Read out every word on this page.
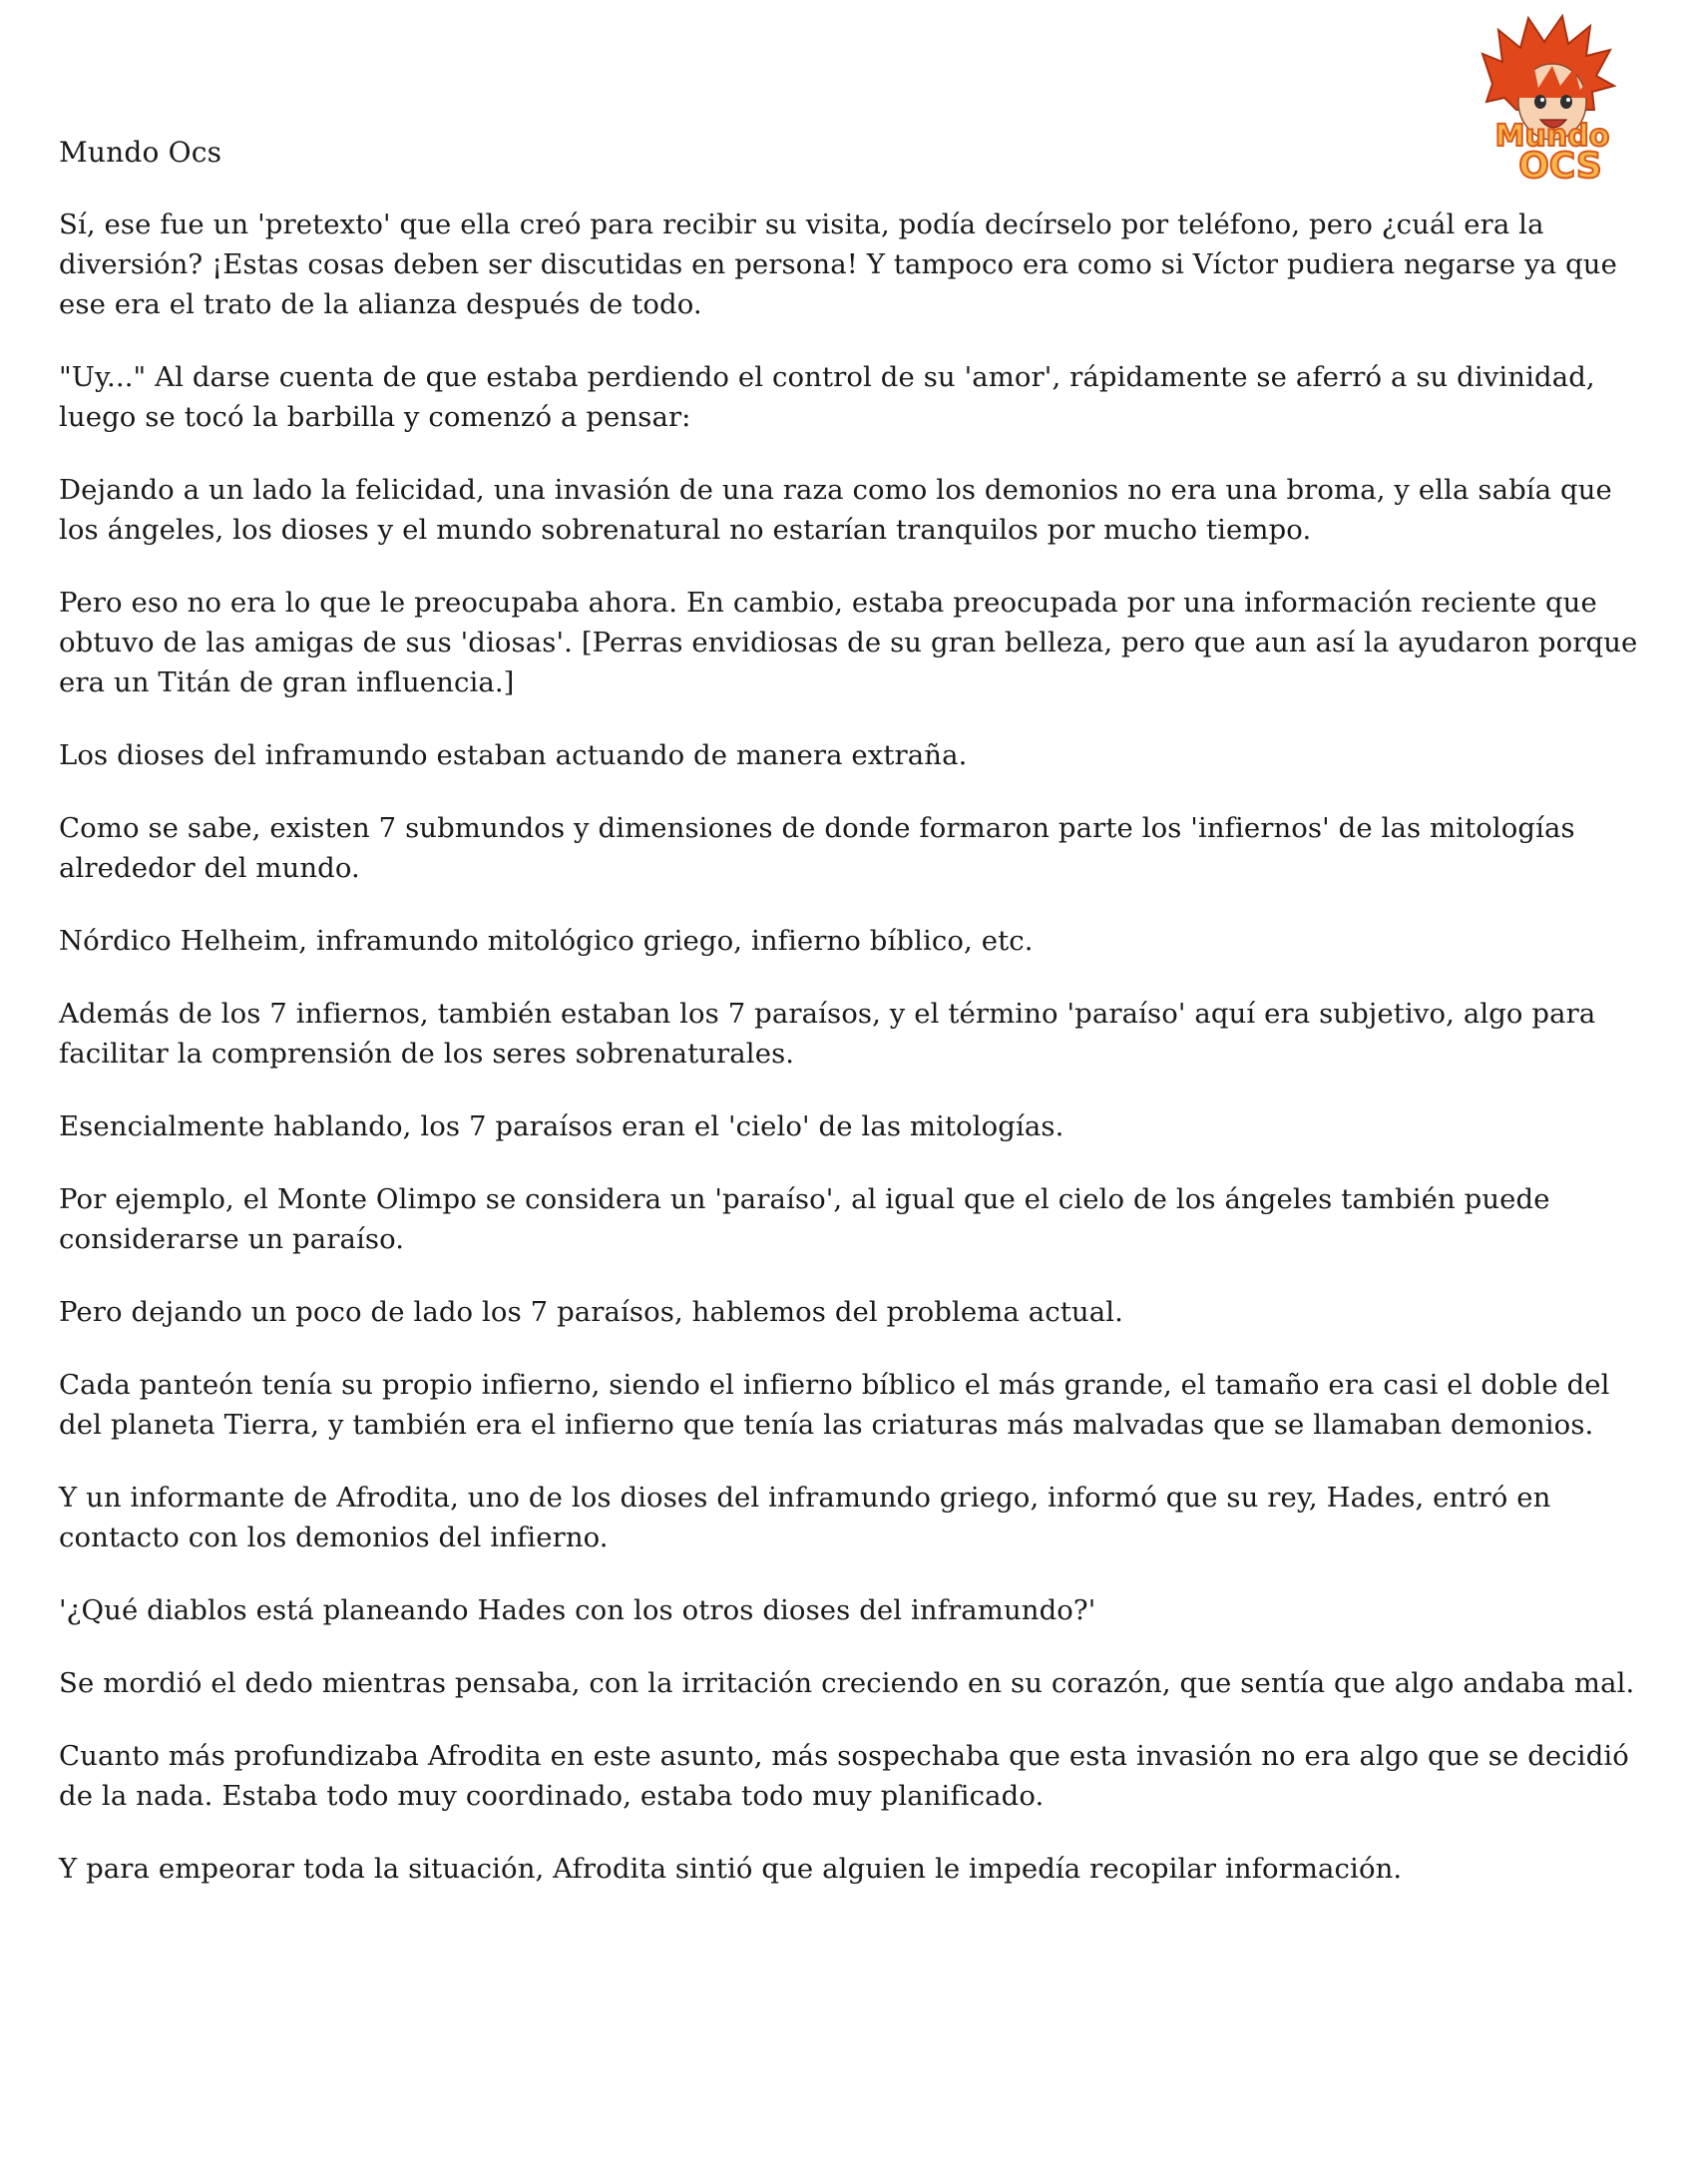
Mundo
OCS
Mundo Ocs

Sí, ese fue un 'pretexto' que ella creó para recibir su visita, podía decírselo por teléfono, pero ¿cuál era la diversión? ¡Estas cosas deben ser discutidas en persona! Y tampoco era como si Víctor pudiera negarse ya que ese era el trato de la alianza después de todo.

"Uy..." Al darse cuenta de que estaba perdiendo el control de su 'amor', rápidamente se aferró a su divinidad, luego se tocó la barbilla y comenzó a pensar:

Dejando a un lado la felicidad, una invasión de una raza como los demonios no era una broma, y ella sabía que los ángeles, los dioses y el mundo sobrenatural no estarían tranquilos por mucho tiempo.

Pero eso no era lo que le preocupaba ahora. En cambio, estaba preocupada por una información reciente que obtuvo de las amigas de sus 'diosas'. [Perras envidiosas de su gran belleza, pero que aun así la ayudaron porque era un Titán de gran influencia.]

Los dioses del inframundo estaban actuando de manera extraña.

Como se sabe, existen 7 submundos y dimensiones de donde formaron parte los 'infiernos' de las mitologías alrededor del mundo.

Nórdico Helheim, inframundo mitológico griego, infierno bíblico, etc.

Además de los 7 infiernos, también estaban los 7 paraísos, y el término 'paraíso' aquí era subjetivo, algo para facilitar la comprensión de los seres sobrenaturales.

Esencialmente hablando, los 7 paraísos eran el 'cielo' de las mitologías.

Por ejemplo, el Monte Olimpo se considera un 'paraíso', al igual que el cielo de los ángeles también puede considerarse un paraíso.

Pero dejando un poco de lado los 7 paraísos, hablemos del problema actual.

Cada panteón tenía su propio infierno, siendo el infierno bíblico el más grande, el tamaño era casi el doble del del planeta Tierra, y también era el infierno que tenía las criaturas más malvadas que se llamaban demonios.

Y un informante de Afrodita, uno de los dioses del inframundo griego, informó que su rey, Hades, entró en contacto con los demonios del infierno.

'¿Qué diablos está planeando Hades con los otros dioses del inframundo?'

Se mordió el dedo mientras pensaba, con la irritación creciendo en su corazón, que sentía que algo andaba mal.

Cuanto más profundizaba Afrodita en este asunto, más sospechaba que esta invasión no era algo que se decidió de la nada. Estaba todo muy coordinado, estaba todo muy planificado.

Y para empeorar toda la situación, Afrodita sintió que alguien le impedía recopilar información.
